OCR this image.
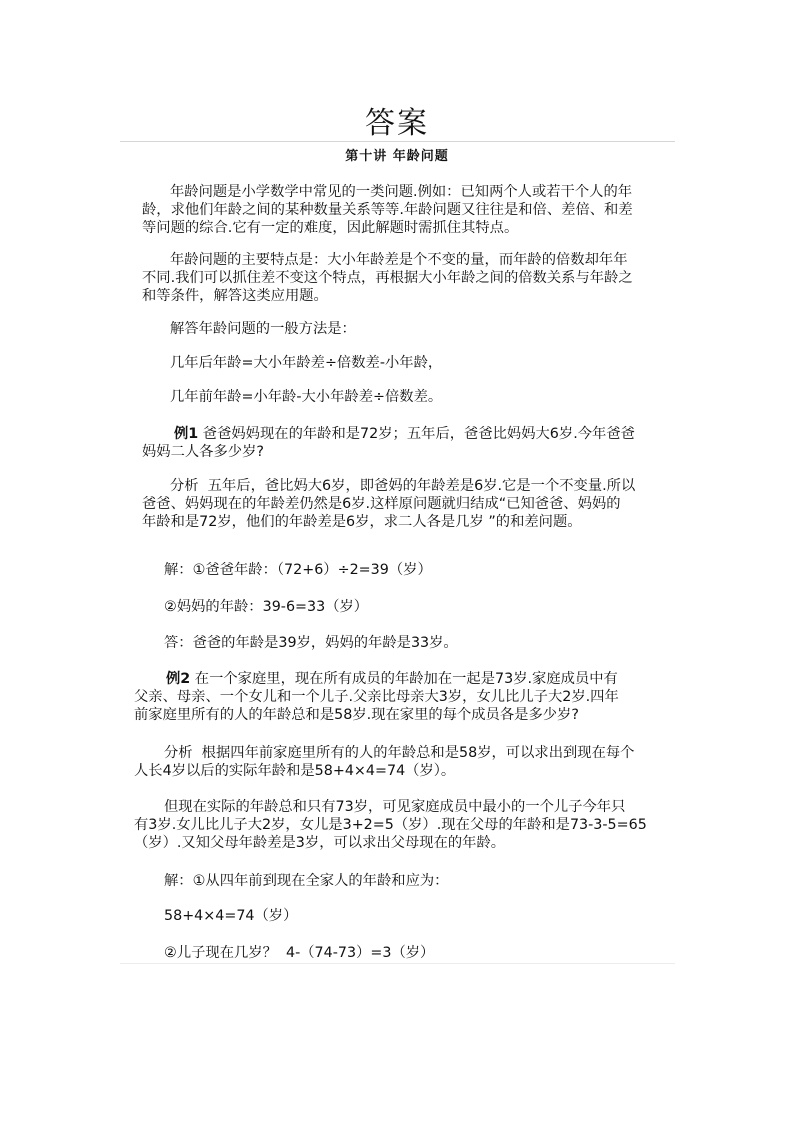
答案
第十讲 年龄问题

年龄问题是小学数学中常见的一类问题.例如：已知两个人或若干个人的年

龄，求他们年龄之间的某种数量关系等等.年龄问题又往往是和倍、差倍、和差

等问题的综合.它有一定的难度，因此解题时需抓住其特点。

年龄问题的主要特点是：大小年龄差是个不变的量，而年龄的倍数却年年

不同.我们可以抓住差不变这个特点，再根据大小年龄之间的倍数关系与年龄之

和等条件，解答这类应用题。

解答年龄问题的一般方法是：

几年后年龄=大小年龄差÷倍数差-小年龄，

几年前年龄=小年龄-大小年龄差÷倍数差。

例1 爸爸妈妈现在的年龄和是72岁；五年后，爸爸比妈妈大6岁.今年爸爸

妈妈二人各多少岁?

分析  五年后，爸比妈大6岁，即爸妈的年龄差是6岁.它是一个不变量.所以

爸爸、妈妈现在的年龄差仍然是6岁.这样原问题就归结成“已知爸爸、妈妈的

年龄和是72岁，他们的年龄差是6岁，求二人各是几岁 ”的和差问题。

解：①爸爸年龄：（72+6）÷2=39（岁）

②妈妈的年龄：39-6=33（岁）

答：爸爸的年龄是39岁，妈妈的年龄是33岁。

例2 在一个家庭里，现在所有成员的年龄加在一起是73岁.家庭成员中有

父亲、母亲、一个女儿和一个儿子.父亲比母亲大3岁，女儿比儿子大2岁.四年

前家庭里所有的人的年龄总和是58岁.现在家里的每个成员各是多少岁?

分析  根据四年前家庭里所有的人的年龄总和是58岁，可以求出到现在每个

人长4岁以后的实际年龄和是58+4×4=74（岁）。

但现在实际的年龄总和只有73岁，可见家庭成员中最小的一个儿子今年只

有3岁.女儿比儿子大2岁，女儿是3+2=5（岁）.现在父母的年龄和是73-3-5=65

（岁）.又知父母年龄差是3岁，可以求出父母现在的年龄。

解：①从四年前到现在全家人的年龄和应为：

58+4×4=74（岁）

②儿子现在几岁？  4-（74-73）=3（岁）
